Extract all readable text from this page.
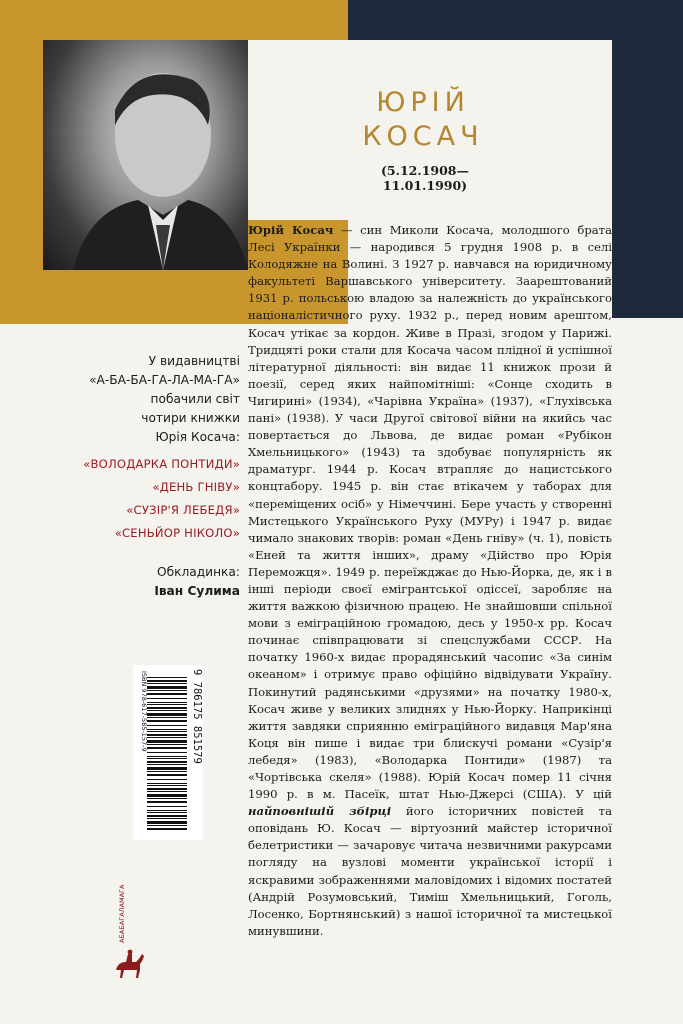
ЮРІЙ
КОСАЧ
(5.12.1908—11.01.1990)
Юрій Косач — син Миколи Косача, молодшого брата Лесі Українки — народився 5 грудня 1908 р. в селі Колодяжне на Волині. З 1927 р. навчався на юридичному факультеті Варшавського університету. Заарештований 1931 р. польською владою за належність до українського націоналістичного руху. 1932 р., перед новим арештом, Косач утікає за кордон. Живе в Празі, згодом у Парижі. Тридцяті роки стали для Косача часом плідної й успішної літературної діяльності: він видає 11 книжок прози й поезії, серед яких найпомітніші: «Сонце сходить в Чигирині» (1934), «Чарівна Україна» (1937), «Глухівська пані» (1938). У часи Другої світової війни на якийсь час повертається до Львова, де видає роман «Рубікон Хмельницького» (1943) та здобуває популярність як драматург. 1944 р. Косач втрапляє до нацистського концтабору. 1945 р. він стає втікачем у таборах для «переміщених осіб» у Німеччині. Бере участь у створенні Мистецького Українського Руху (МУРу) і 1947 р. видає чимало знакових творів: роман «День гніву» (ч. 1), повість «Еней та життя інших», драму «Дійство про Юрія Переможця». 1949 р. переїжджає до Нью-Йорка, де, як і в інші періоди своєї емігрантської одіссеї, заробляє на життя важкою фізичною працею. Не знайшовши спільної мови з еміграційною громадою, десь у 1950-х рр. Косач починає співпрацювати зі спецслужбами СССР. На початку 1960-х видає прорадянський часопис «За синім океаном» і отримує право офіційно відвідувати Україну. Покинутий радянськими «друзями» на початку 1980-х, Косач живе у великих злиднях у Нью-Йорку. Наприкінці життя завдяки сприянню еміграційного видавця Мар'яна Коця він пише і видає три блискучі романи «Сузір'я лебедя» (1983), «Володарка Понтиди» (1987) та «Чортівська скеля» (1988). Юрій Косач помер 11 січня 1990 р. в м. Пасеїк, штат Нью-Джерсі (США). У цій найповнішій збірці його історичних повістей та оповідань Ю. Косач — віртуозний майстер історичної белетристики — зачаровує читача незвичними ракурсами погляду на вузлові моменти української історії і яскравими зображеннями маловідомих і відомих постатей (Андрій Розумовський, Тиміш Хмельницький, Гоголь, Лосенко, Бортнянський) з нашої історичної та мистецької минувшини.
У видавництві
«А-БА-БА-ГА-ЛА-МА-ГА»
побачили світ
чотири книжки
Юрія Косача:
«ВОЛОДАРКА ПОНТИДИ»
«ДЕНЬ ГНІВУ»
«СУЗІР'Я ЛЕБЕДЯ»
«СЕНЬЙОР НІКОЛО»
Обкладинка:
Іван Сулима
ISBN 978-617-585-157-9	9 786175 851579
АБАБАГАЛАМАГА
